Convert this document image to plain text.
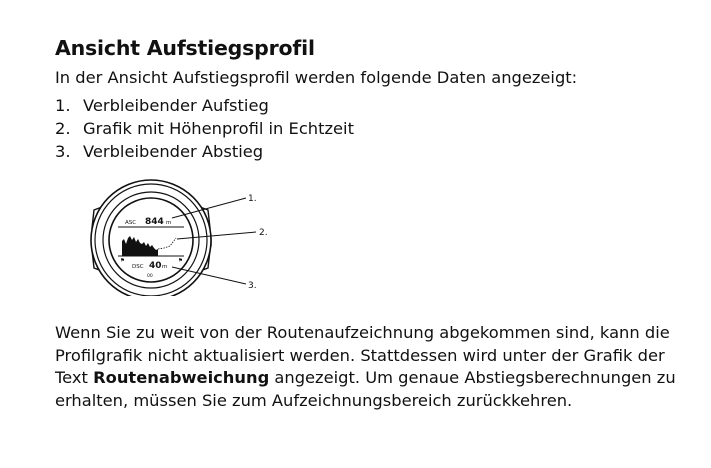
Ansicht Aufstiegsprofil

In der Ansicht Aufstiegsprofil werden folgende Daten angezeigt:

1. Verbleibender Aufstieg
2. Grafik mit Höhenprofil in Echtzeit
3. Verbleibender Abstieg
ASC 844 m
⚑	⚑
DSC 40 m
00
1.
2.
3.

Wenn Sie zu weit von der Routenaufzeichnung abgekommen sind, kann die Profilgrafik nicht aktualisiert werden. Stattdessen wird unter der Grafik der Text Routenabweichung angezeigt. Um genaue Abstiegsberechnungen zu erhalten, müssen Sie zum Aufzeichnungsbereich zurückkehren.
